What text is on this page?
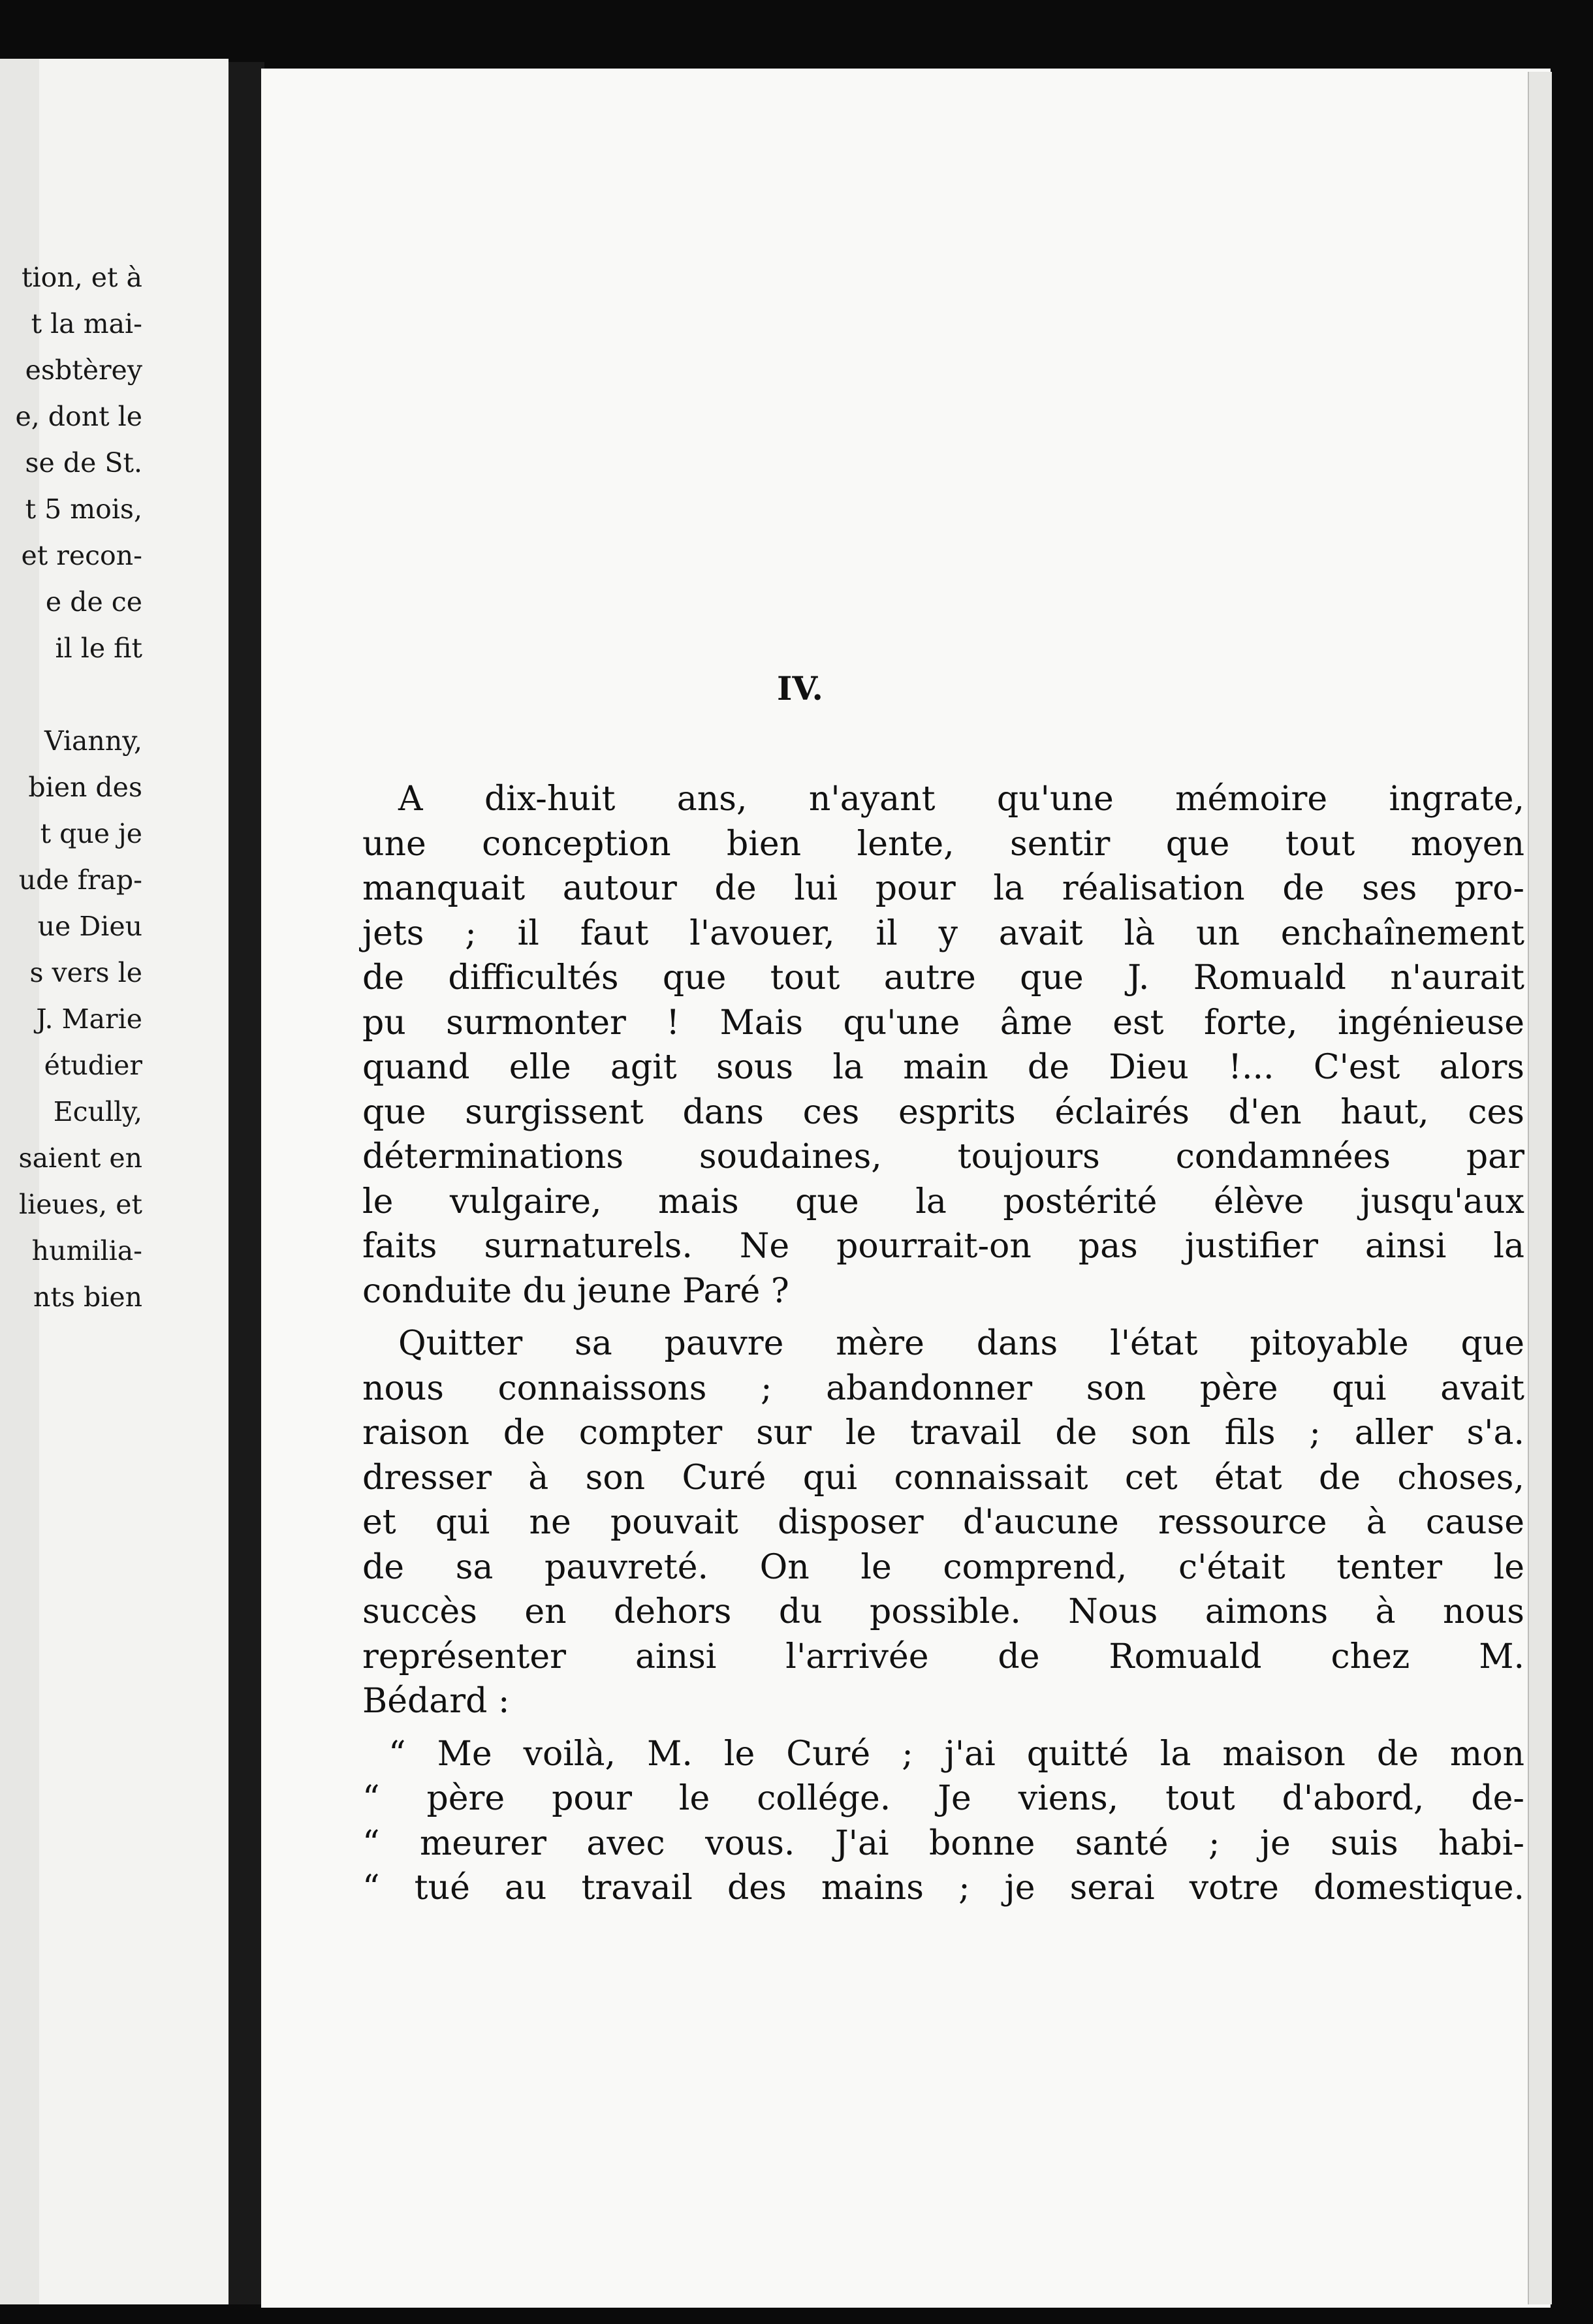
tion, et à
t la mai-
esbtèrey
e, dont le
se de St.
t 5 mois,
et recon-
e de ce
il le fit

Vianny,
bien des
t que je
ude frap-
ue Dieu
s vers le
J. Marie
étudier
Ecully,
saient en
lieues, et
humilia-
nts bien
IV.
A dix-huit ans, n'ayant qu'une mémoire ingrate,
une conception bien lente, sentir que tout moyen
manquait autour de lui pour la réalisation de ses pro-
jets ; il faut l'avouer, il y avait là un enchaînement
de difficultés que tout autre que J. Romuald n'aurait
pu surmonter ! Mais qu'une âme est forte, ingénieuse
quand elle agit sous la main de Dieu !... C'est alors
que surgissent dans ces esprits éclairés d'en haut, ces
déterminations soudaines, toujours condamnées par
le vulgaire, mais que la postérité élève jusqu'aux
faits surnaturels. Ne pourrait-on pas justifier ainsi la
conduite du jeune Paré ?
Quitter sa pauvre mère dans l'état pitoyable que
nous connaissons ; abandonner son père qui avait
raison de compter sur le travail de son fils ; aller s'a.
dresser à son Curé qui connaissait cet état de choses,
et qui ne pouvait disposer d'aucune ressource à cause
de sa pauvreté. On le comprend, c'était tenter le
succès en dehors du possible. Nous aimons à nous
représenter ainsi l'arrivée de Romuald chez M.
Bédard :
“ Me voilà, M. le Curé ; j'ai quitté la maison de mon
“ père pour le collége. Je viens, tout d'abord, de-
“ meurer avec vous. J'ai bonne santé ; je suis habi-
“ tué au travail des mains ; je serai votre domestique.
